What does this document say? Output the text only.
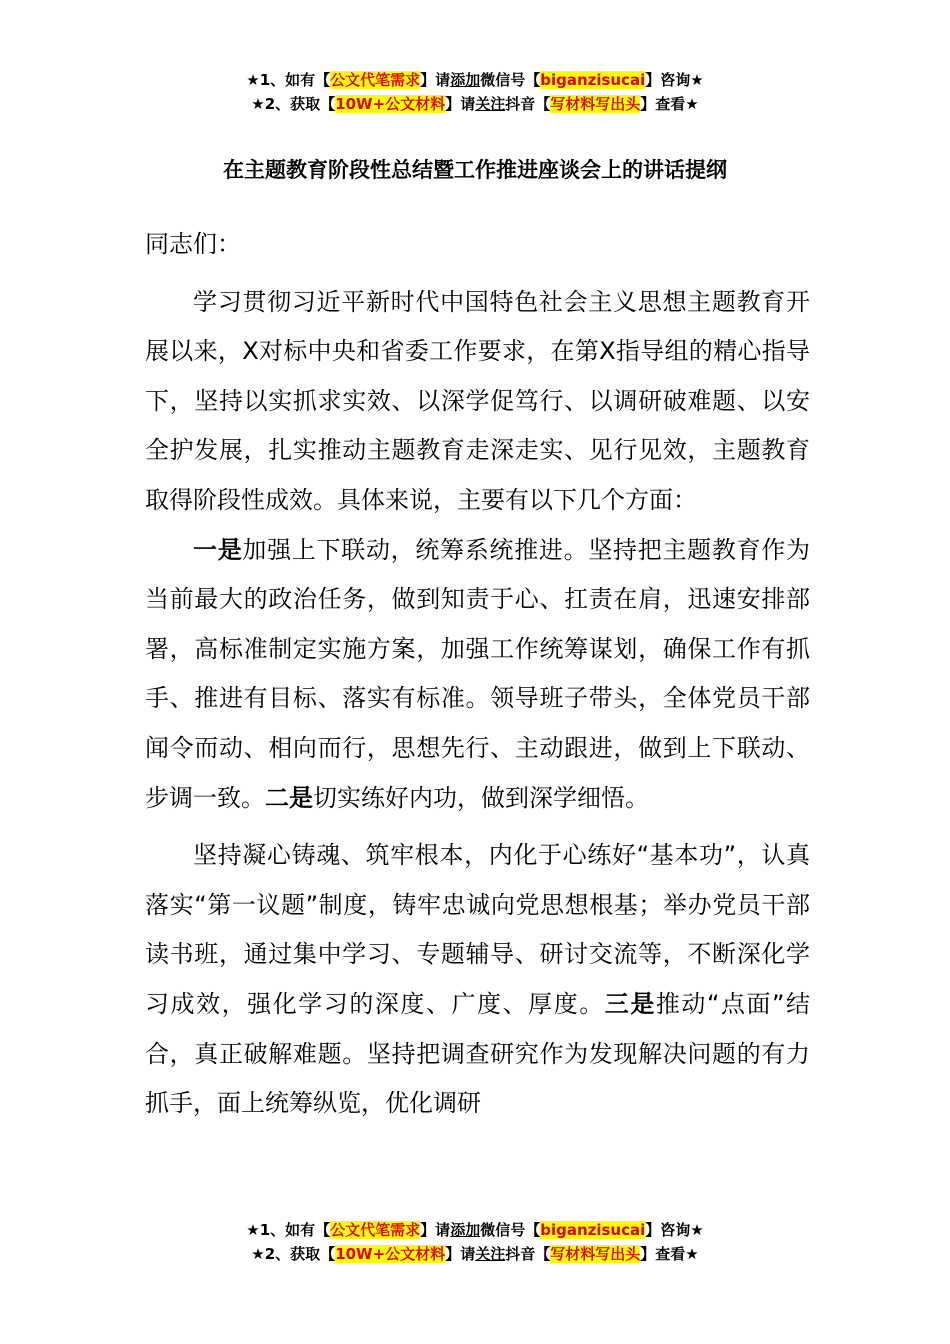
★1、如有【公文代笔需求】请添加微信号【biganzisucai】咨询★
★2、获取【10W+公文材料】请关注抖音【写材料写出头】查看★
在主题教育阶段性总结暨工作推进座谈会上的讲话提纲

同志们：

学习贯彻习近平新时代中国特色社会主义思想主题教育开展以来，X对标中央和省委工作要求，在第X指导组的精心指导下，坚持以实抓求实效、以深学促笃行、以调研破难题、以安全护发展，扎实推动主题教育走深走实、见行见效，主题教育取得阶段性成效。具体来说，主要有以下几个方面：

一是加强上下联动，统筹系统推进。坚持把主题教育作为当前最大的政治任务，做到知责于心、扛责在肩，迅速安排部署，高标准制定实施方案，加强工作统筹谋划，确保工作有抓手、推进有目标、落实有标准。领导班子带头，全体党员干部闻令而动、相向而行，思想先行、主动跟进，做到上下联动、步调一致。二是切实练好内功，做到深学细悟。

坚持凝心铸魂、筑牢根本，内化于心练好“基本功”，认真落实“第一议题”制度，铸牢忠诚向党思想根基；举办党员干部读书班，通过集中学习、专题辅导、研讨交流等，不断深化学习成效，强化学习的深度、广度、厚度。三是推动“点面”结合，真正破解难题。坚持把调查研究作为发现解决问题的有力抓手，面上统筹纵览，优化调研

★1、如有【公文代笔需求】请添加微信号【biganzisucai】咨询★
★2、获取【10W+公文材料】请关注抖音【写材料写出头】查看★
